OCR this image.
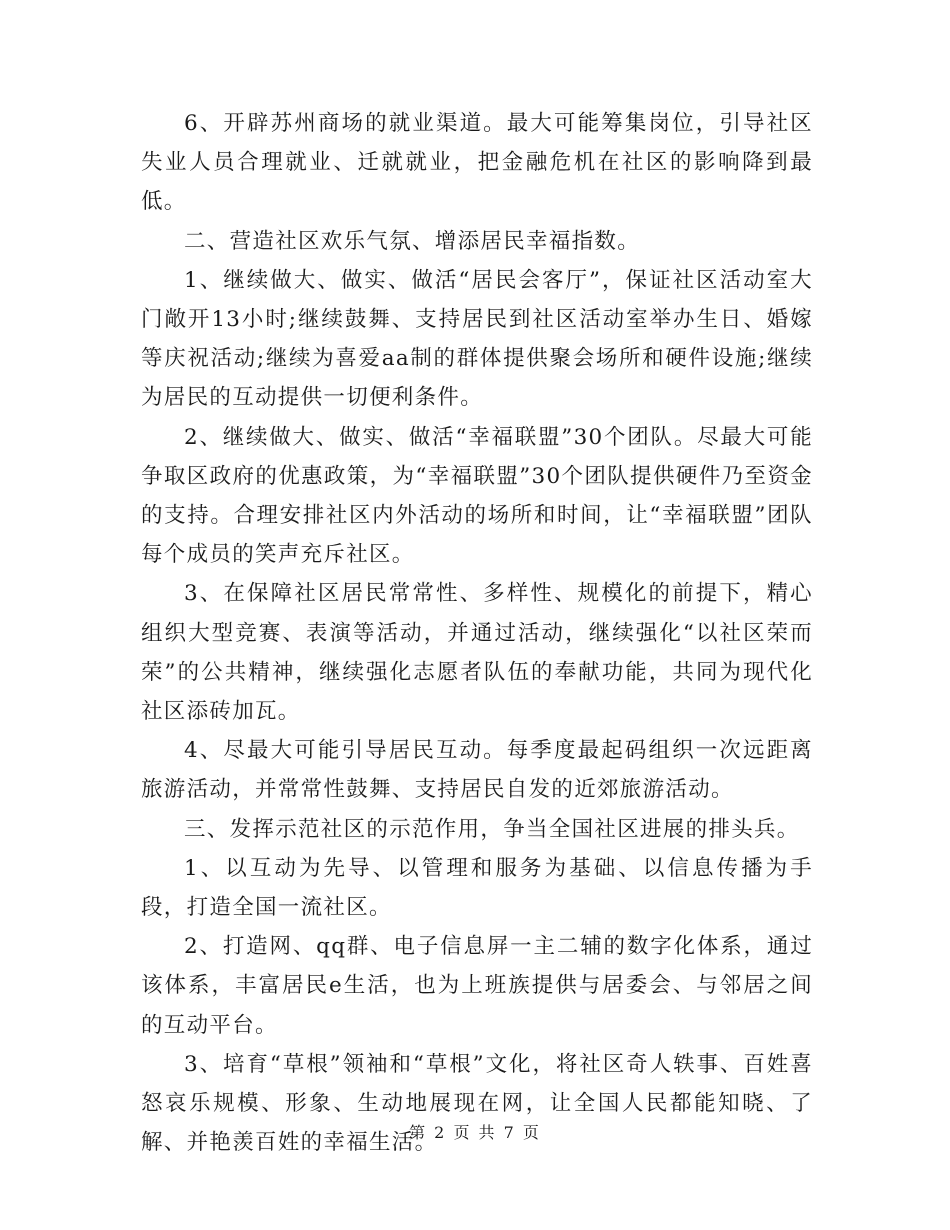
6、开辟苏州商场的就业渠道。最大可能筹集岗位，引导社区失业人员合理就业、迁就就业，把金融危机在社区的影响降到最低。

二、营造社区欢乐气氛、增添居民幸福指数。

1、继续做大、做实、做活“居民会客厅”，保证社区活动室大门敞开13小时;继续鼓舞、支持居民到社区活动室举办生日、婚嫁等庆祝活动;继续为喜爱aa制的群体提供聚会场所和硬件设施;继续为居民的互动提供一切便利条件。

2、继续做大、做实、做活“幸福联盟”30个团队。尽最大可能争取区政府的优惠政策，为“幸福联盟”30个团队提供硬件乃至资金的支持。合理安排社区内外活动的场所和时间，让“幸福联盟”团队每个成员的笑声充斥社区。

3、在保障社区居民常常性、多样性、规模化的前提下，精心组织大型竞赛、表演等活动，并通过活动，继续强化“以社区荣而荣”的公共精神，继续强化志愿者队伍的奉献功能，共同为现代化社区添砖加瓦。

4、尽最大可能引导居民互动。每季度最起码组织一次远距离旅游活动，并常常性鼓舞、支持居民自发的近郊旅游活动。

三、发挥示范社区的示范作用，争当全国社区进展的排头兵。

1、以互动为先导、以管理和服务为基础、以信息传播为手段，打造全国一流社区。

2、打造网、qq群、电子信息屏一主二辅的数字化体系，通过该体系，丰富居民e生活，也为上班族提供与居委会、与邻居之间的互动平台。

3、培育“草根”领袖和“草根”文化，将社区奇人轶事、百姓喜怒哀乐规模、形象、生动地展现在网，让全国人民都能知晓、了解、并艳羡百姓的幸福生活。

第 2 页 共 7 页
